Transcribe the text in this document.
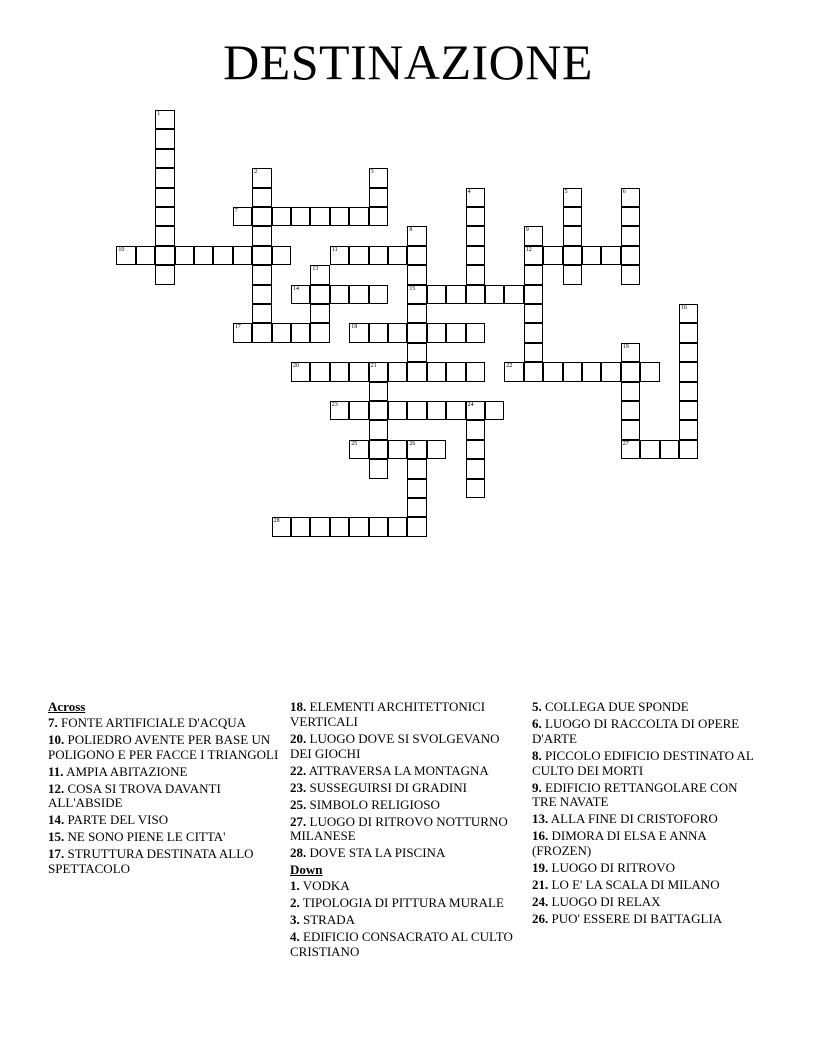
DESTINAZIONE
7
10	11	12
14	15
17	18
20	21	22
23	24
25	26	27
28
1
2	3
4	5	6
8	9
13
16
19
Across
7. FONTE ARTIFICIALE D'ACQUA
10. POLIEDRO AVENTE PER BASE UN POLIGONO E PER FACCE I TRIANGOLI
11. AMPIA ABITAZIONE
12. COSA SI TROVA DAVANTI ALL'ABSIDE
14. PARTE DEL VISO
15. NE SONO PIENE LE CITTA'
17. STRUTTURA DESTINATA ALLO SPETTACOLO
18. ELEMENTI ARCHITETTONICI VERTICALI
20. LUOGO DOVE SI SVOLGEVANO DEI GIOCHI
22. ATTRAVERSA LA MONTAGNA
23. SUSSEGUIRSI DI GRADINI
25. SIMBOLO RELIGIOSO
27. LUOGO DI RITROVO NOTTURNO MILANESE
28. DOVE STA LA PISCINA
Down
1. VODKA
2. TIPOLOGIA DI PITTURA MURALE
3. STRADA
4. EDIFICIO CONSACRATO AL CULTO CRISTIANO
5. COLLEGA DUE SPONDE
6. LUOGO DI RACCOLTA DI OPERE D'ARTE
8. PICCOLO EDIFICIO DESTINATO AL CULTO DEI MORTI
9. EDIFICIO RETTANGOLARE CON TRE NAVATE
13. ALLA FINE DI CRISTOFORO
16. DIMORA DI ELSA E ANNA (FROZEN)
19. LUOGO DI RITROVO
21. LO E' LA SCALA DI MILANO
24. LUOGO DI RELAX
26. PUO' ESSERE DI BATTAGLIA
